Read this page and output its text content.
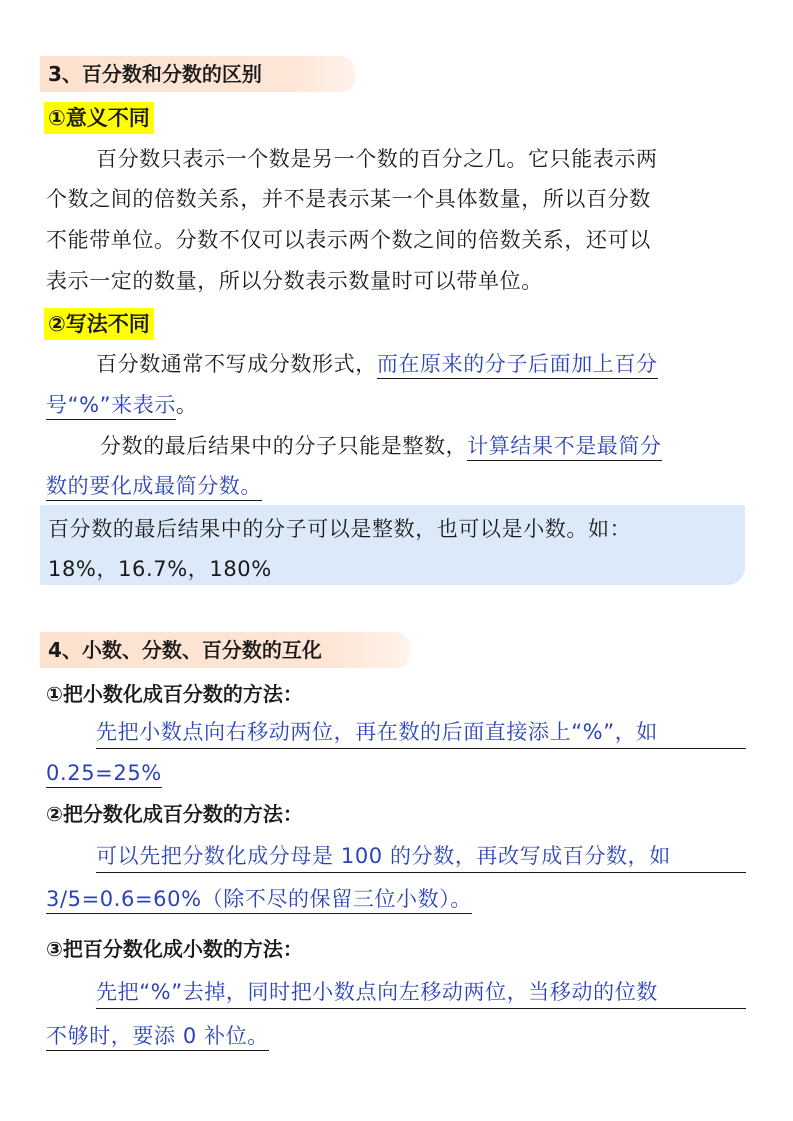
3、百分数和分数的区别
①意义不同
百分数只表示一个数是另一个数的百分之几。它只能表示两
个数之间的倍数关系，并不是表示某一个具体数量，所以百分数
不能带单位。分数不仅可以表示两个数之间的倍数关系，还可以
表示一定的数量，所以分数表示数量时可以带单位。
②写法不同
百分数通常不写成分数形式，而在原来的分子后面加上百分
号“%”来表示。
分数的最后结果中的分子只能是整数，计算结果不是最简分
数的要化成最简分数。
百分数的最后结果中的分子可以是整数，也可以是小数。如：
18%，16.7%，180%
4、小数、分数、百分数的互化
①把小数化成百分数的方法：
先把小数点向右移动两位，再在数的后面直接添上“%”，如
0.25=25%
②把分数化成百分数的方法：
可以先把分数化成分母是 100 的分数，再改写成百分数，如
3/5=0.6=60%（除不尽的保留三位小数）。
③把百分数化成小数的方法：
先把“%”去掉，同时把小数点向左移动两位，当移动的位数
不够时，要添 0 补位。
